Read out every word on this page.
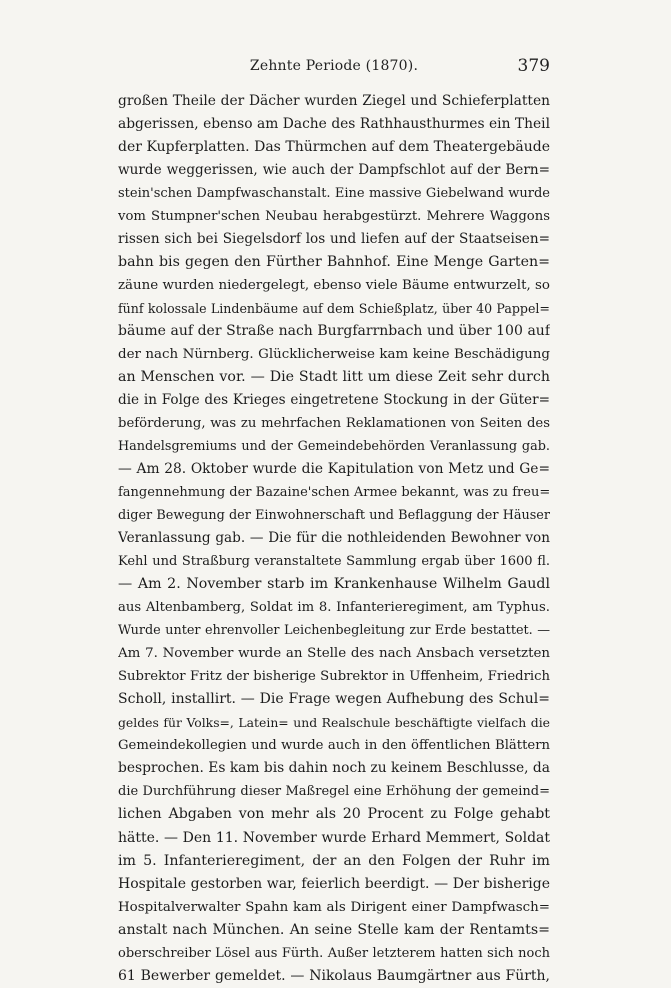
Zehnte Periode (1870).	379
großen Theile der Dächer wurden Ziegel und Schieferplatten
abgerissen, ebenso am Dache des Rathhausthurmes ein Theil
der Kupferplatten. Das Thürmchen auf dem Theatergebäude
wurde weggerissen, wie auch der Dampfschlot auf der Bern=
stein'schen Dampfwaschanstalt. Eine massive Giebelwand wurde
vom Stumpner'schen Neubau herabgestürzt. Mehrere Waggons
rissen sich bei Siegelsdorf los und liefen auf der Staatseisen=
bahn bis gegen den Fürther Bahnhof. Eine Menge Garten=
zäune wurden niedergelegt, ebenso viele Bäume entwurzelt, so
fünf kolossale Lindenbäume auf dem Schießplatz, über 40 Pappel=
bäume auf der Straße nach Burgfarrnbach und über 100 auf
der nach Nürnberg. Glücklicherweise kam keine Beschädigung
an Menschen vor. — Die Stadt litt um diese Zeit sehr durch
die in Folge des Krieges eingetretene Stockung in der Güter=
beförderung, was zu mehrfachen Reklamationen von Seiten des
Handelsgremiums und der Gemeindebehörden Veranlassung gab.
— Am 28. Oktober wurde die Kapitulation von Metz und Ge=
fangennehmung der Bazaine'schen Armee bekannt, was zu freu=
diger Bewegung der Einwohnerschaft und Beflaggung der Häuser
Veranlassung gab. — Die für die nothleidenden Bewohner von
Kehl und Straßburg veranstaltete Sammlung ergab über 1600 fl.
— Am 2. November starb im Krankenhause Wilhelm Gaudl
aus Altenbamberg, Soldat im 8. Infanterieregiment, am Typhus.
Wurde unter ehrenvoller Leichenbegleitung zur Erde bestattet. —
Am 7. November wurde an Stelle des nach Ansbach versetzten
Subrektor Fritz der bisherige Subrektor in Uffenheim, Friedrich
Scholl, installirt. — Die Frage wegen Aufhebung des Schul=
geldes für Volks=, Latein= und Realschule beschäftigte vielfach die
Gemeindekollegien und wurde auch in den öffentlichen Blättern
besprochen. Es kam bis dahin noch zu keinem Beschlusse, da
die Durchführung dieser Maßregel eine Erhöhung der gemeind=
lichen Abgaben von mehr als 20 Procent zu Folge gehabt
hätte. — Den 11. November wurde Erhard Memmert, Soldat
im 5. Infanterieregiment, der an den Folgen der Ruhr im
Hospitale gestorben war, feierlich beerdigt. — Der bisherige
Hospitalverwalter Spahn kam als Dirigent einer Dampfwasch=
anstalt nach München. An seine Stelle kam der Rentamts=
oberschreiber Lösel aus Fürth. Außer letzterem hatten sich noch
61 Bewerber gemeldet. — Nikolaus Baumgärtner aus Fürth,
